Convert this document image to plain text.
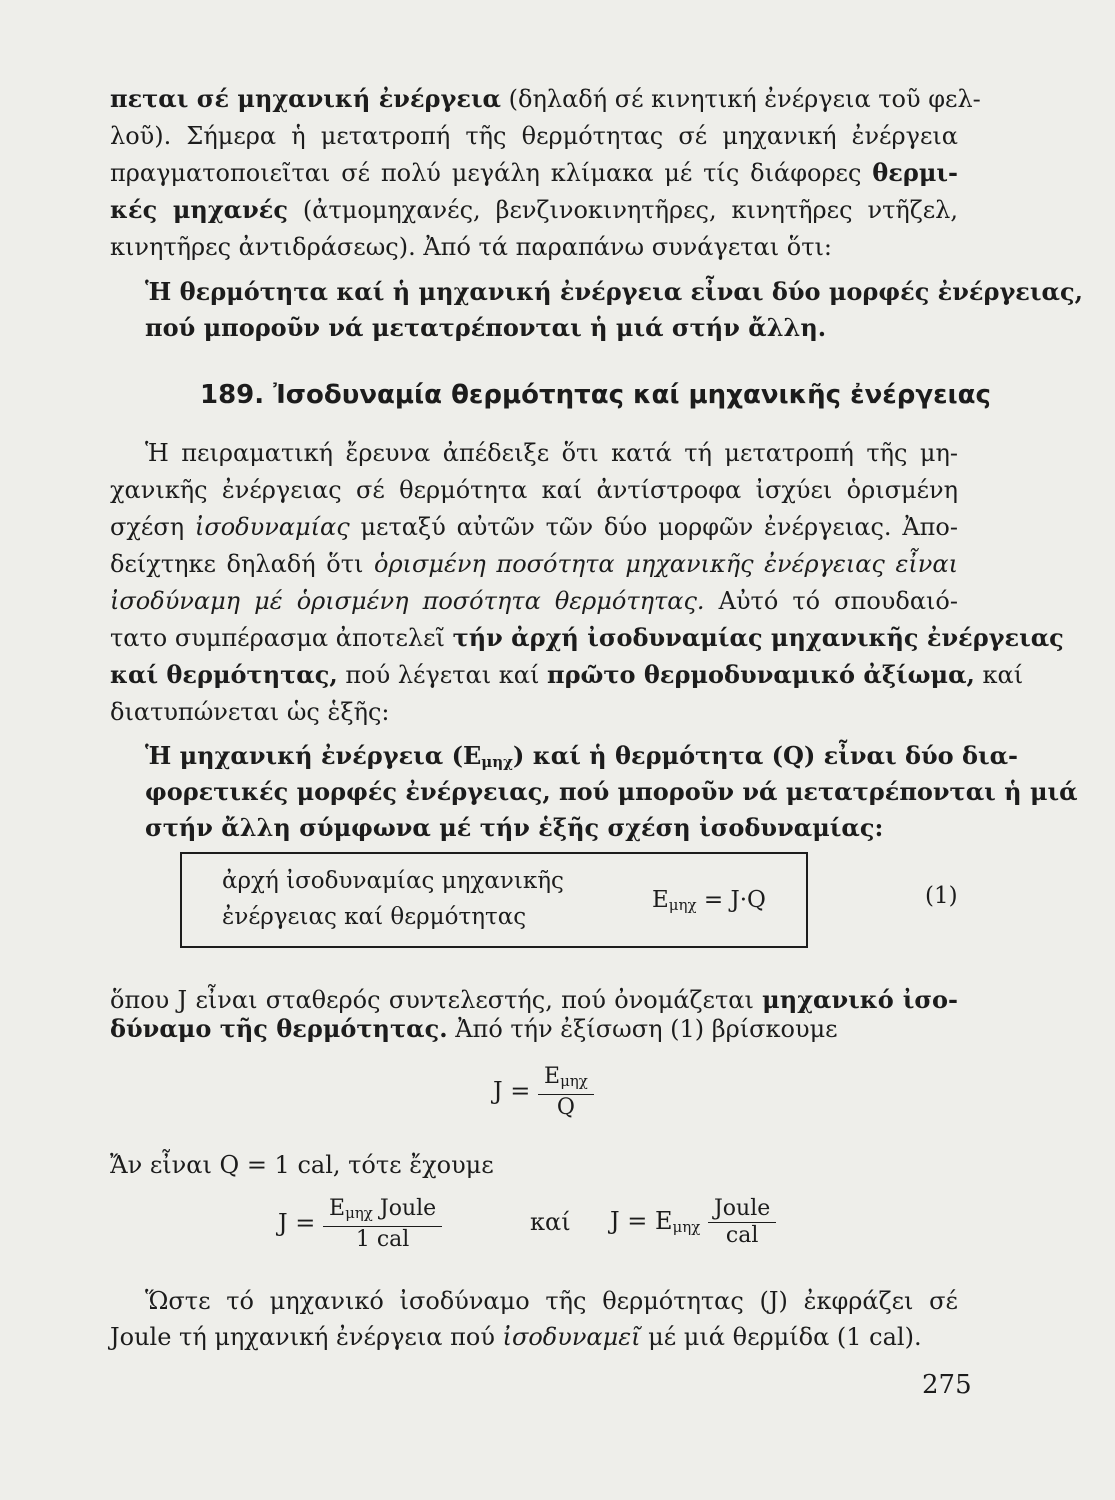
πεται σέ μηχανική ἐνέργεια (δηλαδή σέ κινητική ἐνέργεια τοῦ φελ-
λοῦ). Σήμερα ἡ μετατροπή τῆς θερμότητας σέ μηχανική ἐνέργεια
πραγματοποιεῖται σέ πολύ μεγάλη κλίμακα μέ τίς διάφορες θερμι-
κές μηχανές (ἀτμομηχανές, βενζινοκινητῆρες, κινητῆρες ντῆζελ,
κινητῆρες ἀντιδράσεως). Ἀπό τά παραπάνω συνάγεται ὅτι:
Ἡ θερμότητα καί ἡ μηχανική ἐνέργεια εἶναι δύο μορφές ἐνέργειας,
πού μποροῦν νά μετατρέπονται ἡ μιά στήν ἄλλη.
189. Ἰσοδυναμία θερμότητας καί μηχανικῆς ἐνέργειας
Ἡ πειραματική ἔρευνα ἀπέδειξε ὅτι κατά τή μετατροπή τῆς μη-
χανικῆς ἐνέργειας σέ θερμότητα καί ἀντίστροφα ἰσχύει ὁρισμένη
σχέση ἰσοδυναμίας μεταξύ αὐτῶν τῶν δύο μορφῶν ἐνέργειας. Ἀπο-
δείχτηκε δηλαδή ὅτι ὁρισμένη ποσότητα μηχανικῆς ἐνέργειας εἶναι
ἰσοδύναμη μέ ὁρισμένη ποσότητα θερμότητας. Αὐτό τό σπουδαιό-
τατο συμπέρασμα ἀποτελεῖ τήν ἀρχή ἰσοδυναμίας μηχανικῆς ἐνέργειας
καί θερμότητας, πού λέγεται καί πρῶτο θερμοδυναμικό ἀξίωμα, καί
διατυπώνεται ὡς ἑξῆς:
Ἡ μηχανική ἐνέργεια $(E_{\mu\eta\chi})$ καί ἡ θερμότητα (Q) εἶναι δύο δια-
φορετικές μορφές ἐνέργειας, πού μποροῦν νά μετατρέπονται ἡ μιά
στήν ἄλλη σύμφωνα μέ τήν ἑξῆς σχέση ἰσοδυναμίας:
ἀρχή ἰσοδυναμίας μηχανικῆς
ἐνέργειας καί θερμότητας
$E_{\mu\eta\chi} = J\cdot Q$	(1)
ὅπου J εἶναι σταθερός συντελεστής, πού ὀνομάζεται μηχανικό ἰσο-
δύναμο τῆς θερμότητας. Ἀπό τήν ἐξίσωση (1) βρίσκουμε
$J = \frac{E_{\mu\eta\chi}}{Q}$
Ἄν εἶναι Q = 1 cal, τότε ἔχουμε
$J = \frac{E_{\mu\eta\chi} Joule}{\text{1 cal}}$	καί $J = E_{\mu\eta\chi} \frac{\text{Joule}}{\text{cal}}$
Ὥστε τό μηχανικό ἰσοδύναμο τῆς θερμότητας (J) ἐκφράζει σέ
Joule τή μηχανική ἐνέργεια πού ἰσοδυναμεῖ μέ μιά θερμίδα (1 cal).
275
